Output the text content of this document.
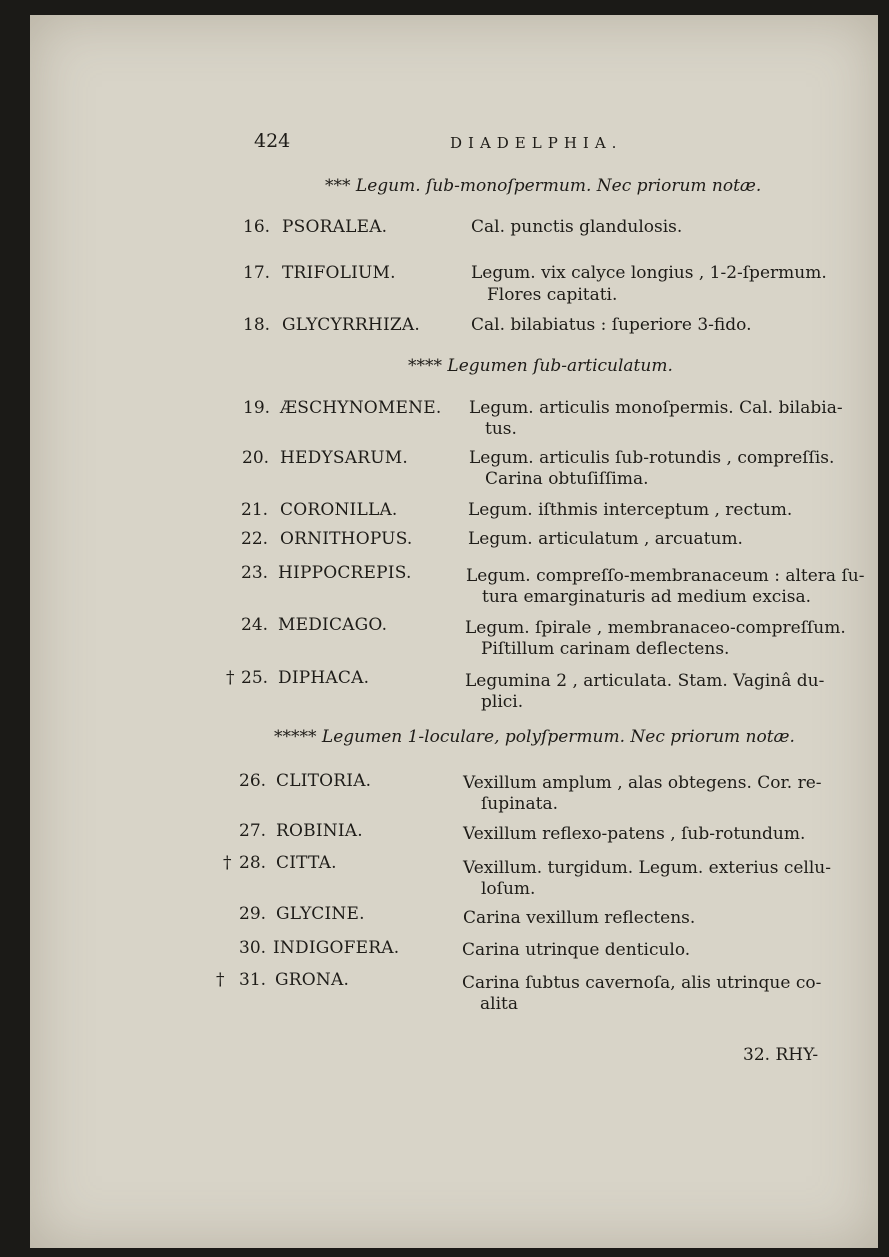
424	DIADELPHIA.
*** Legum. ſub-monoſpermum. Nec priorum notæ.
16. PSORALEA.	Cal. punctis glandulosis.
17. TRIFOLIUM.	Legum. vix calyce longius , 1-2-ſpermum.
Flores capitati.
18. GLYCYRRHIZA.	Cal. bilabiatus : ſuperiore 3-fido.
**** Legumen ſub-articulatum.
19. ÆSCHYNOMENE. Legum. articulis monoſpermis. Cal. bilabia-
tus.
20. HEDYSARUM.	Legum. articulis ſub-rotundis , compreſſis.
Carina obtuſiſſima.
21. CORONILLA.	Legum. iſthmis interceptum , rectum.
22. ORNITHOPUS.	Legum. articulatum , arcuatum.
23. HIPPOCREPIS.	Legum. compreſſo-membranaceum : altera ſu-
tura emarginaturis ad medium excisa.
24. MEDICAGO.	Legum. ſpirale , membranaceo-compreſſum.
Piſtillum carinam deflectens.
† 25. DIPHACA.	Legumina 2 , articulata. Stam. Vaginâ du-
plici.
***** Legumen 1-loculare, polyſpermum. Nec priorum notæ.
26. CLITORIA.	Vexillum amplum , alas obtegens. Cor. re-
ſupinata.
27. ROBINIA.	Vexillum reflexo-patens , ſub-rotundum.
† 28. CITTA.	Vexillum. turgidum. Legum. exterius cellu-
loſum.
29. GLYCINE.	Carina vexillum reflectens.
30. INDIGOFERA.	Carina utrinque denticulo.
† 31. GRONA.	Carina ſubtus cavernoſa, alis utrinque co-
alita
32. RHY-
